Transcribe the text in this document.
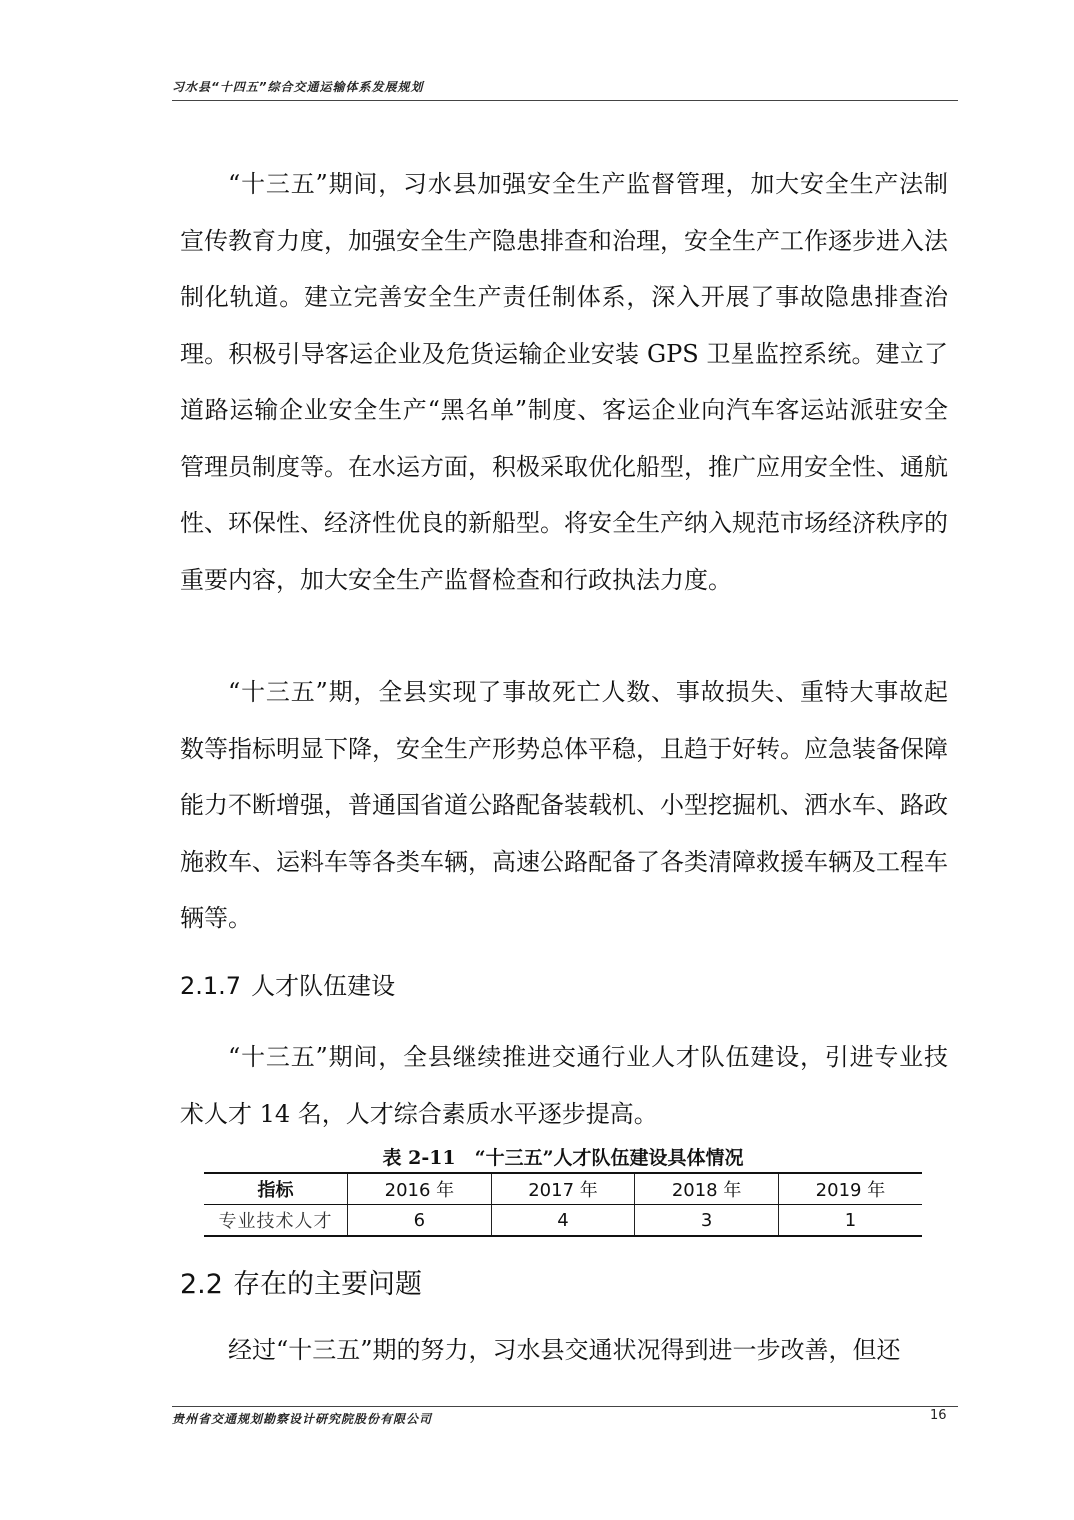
习水县“十四五”综合交通运输体系发展规划

“十三五”期间，习水县加强安全生产监督管理，加大安全生产法制宣传教育力度，加强安全生产隐患排查和治理，安全生产工作逐步进入法制化轨道。建立完善安全生产责任制体系，深入开展了事故隐患排查治理。积极引导客运企业及危货运输企业安装 GPS 卫星监控系统。建立了道路运输企业安全生产“黑名单”制度、客运企业向汽车客运站派驻安全管理员制度等。在水运方面，积极采取优化船型，推广应用安全性、通航性、环保性、经济性优良的新船型。将安全生产纳入规范市场经济秩序的重要内容，加大安全生产监督检查和行政执法力度。

“十三五”期，全县实现了事故死亡人数、事故损失、重特大事故起数等指标明显下降，安全生产形势总体平稳，且趋于好转。应急装备保障能力不断增强，普通国省道公路配备装载机、小型挖掘机、洒水车、路政施救车、运料车等各类车辆，高速公路配备了各类清障救援车辆及工程车辆等。

2.1.7 人才队伍建设

“十三五”期间，全县继续推进交通行业人才队伍建设，引进专业技术人才 14 名，人才综合素质水平逐步提高。

表 2-11　“十三五”人才队伍建设具体情况
指标	2016 年	2017 年	2018 年	2019 年
专业技术人才	6	4	3	1
2.2 存在的主要问题

经过“十三五”期的努力，习水县交通状况得到进一步改善，但还

贵州省交通规划勘察设计研究院股份有限公司	16
